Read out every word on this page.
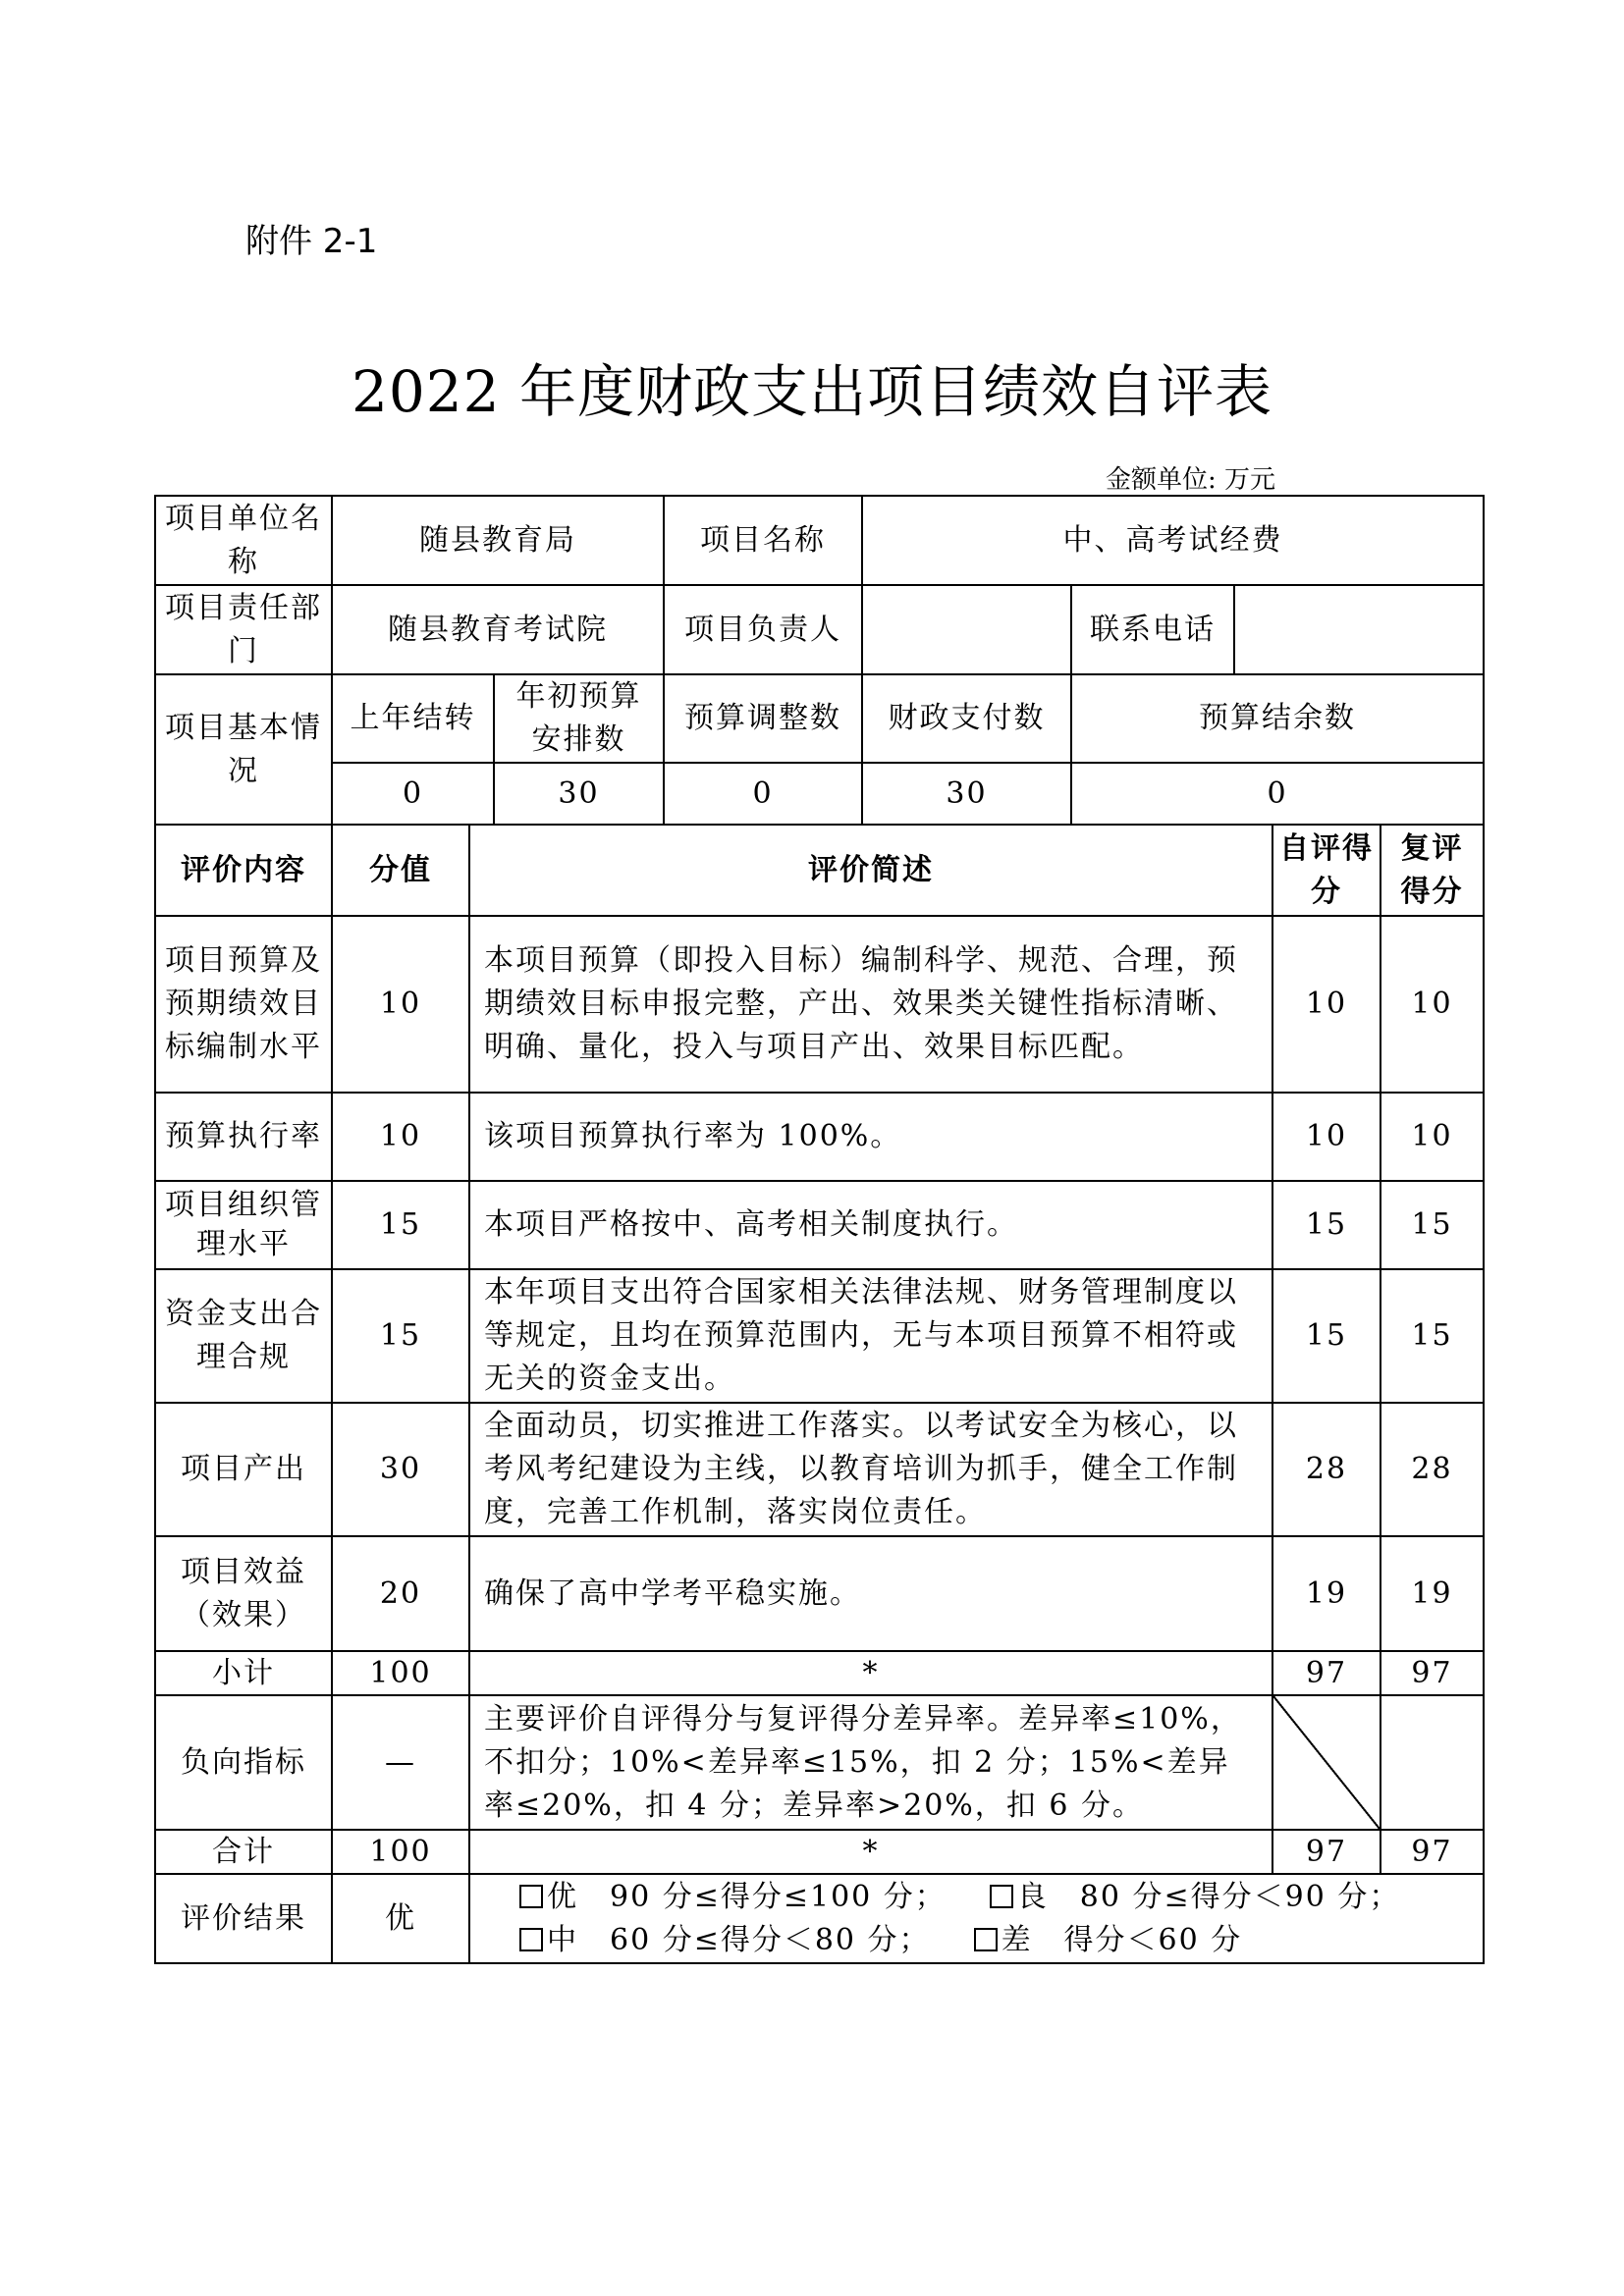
附件 2-1
2022 年度财政支出项目绩效自评表
金额单位: 万元
项目单位名称	随县教育局		项目名称	中、高考试经费		
项目责任部门	随县教育考试院		项目负责人		联系电话	
项目基本情况	上年结转	年初预算安排数	预算调整数	财政支付数	预算结余数	
	0	30	0	30	0	
评价内容	分值	评价简述	自评得分	复评得分
项目预算及预期绩效目标编制水平	10	本项目预算（即投入目标）编制科学、规范、合理，预期绩效目标申报完整，产出、效果类关键性指标清晰、明确、量化，投入与项目产出、效果目标匹配。	10	10
预算执行率	10	该项目预算执行率为 100%。	10	10
项目组织管理水平	15	本项目严格按中、高考相关制度执行。	15	15
资金支出合理合规	15	本年项目支出符合国家相关法律法规、财务管理制度以等规定，且均在预算范围内，无与本项目预算不相符或无关的资金支出。	15	15
项目产出	30	全面动员，切实推进工作落实。以考试安全为核心，以考风考纪建设为主线，以教育培训为抓手，健全工作制度，完善工作机制，落实岗位责任。	28	28
项目效益（效果）	20	确保了高中学考平稳实施。	19	19
小计	100	*	97	97
负向指标	—	主要评价自评得分与复评得分差异率。差异率≤10%，不扣分；10%<差异率≤15%，扣 2 分；15%<差异率≤20%，扣 4 分；差异率>20%，扣 6 分。		
合计	100	*	97	97
评价结果	优	优　90 分≤得分≤100 分； 良　80 分≤得分＜90 分；
中　60 分≤得分＜80 分； 差　得分＜60 分		
